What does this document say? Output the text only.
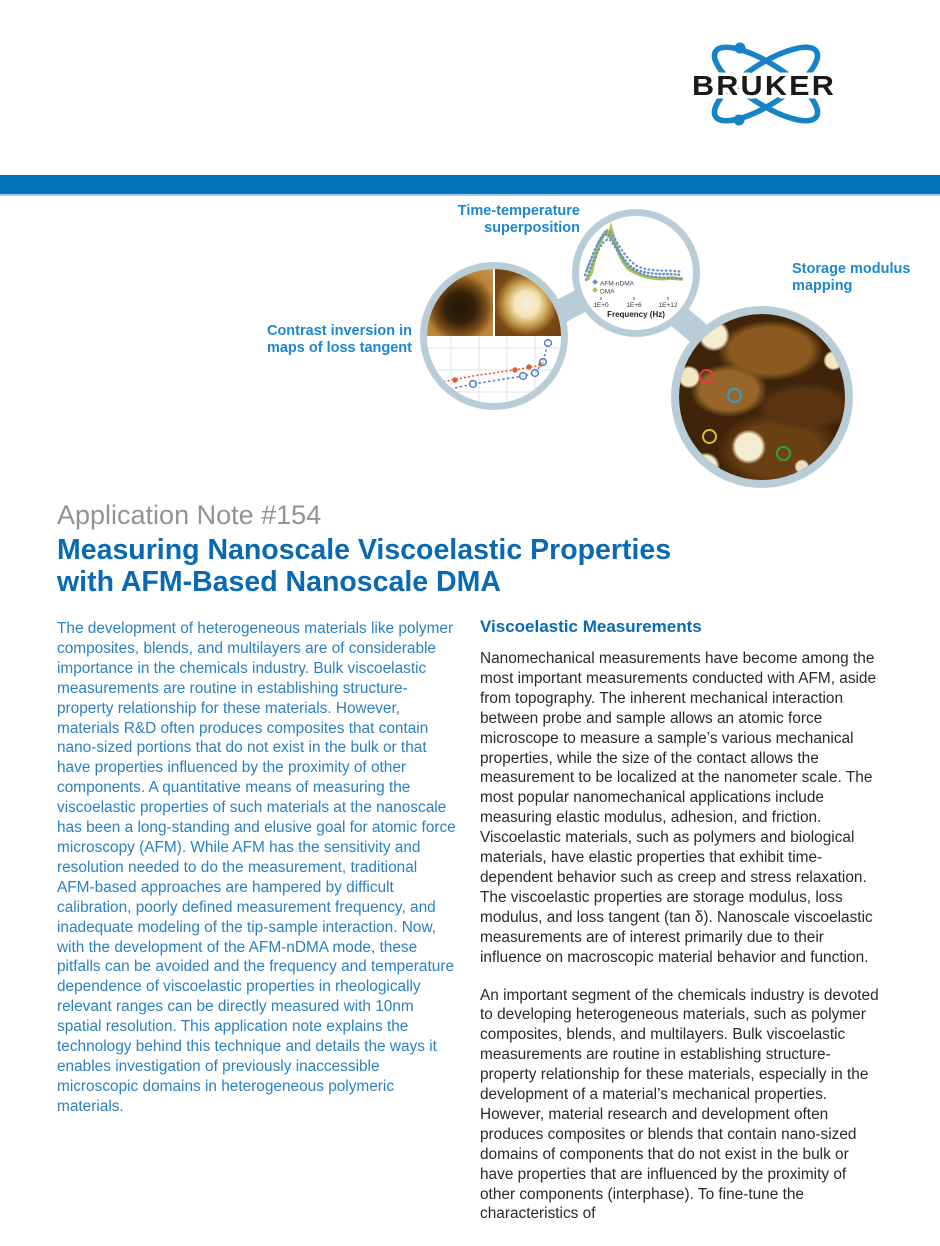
BRUKER
Time-temperature
superposition
Contrast inversion in
maps of loss tangent
Storage modulus
mapping
AFM-nDMA
DMA
1E+0	1E+6	1E+12
Frequency (Hz)
Application Note #154
Measuring Nanoscale Viscoelastic Properties
with AFM-Based Nanoscale DMA

The development of heterogeneous materials like polymer composites, blends, and multilayers are of considerable importance in the chemicals industry. Bulk viscoelastic measurements are routine in establishing structure-property relationship for these materials. However, materials R&D often produces composites that contain nano-sized portions that do not exist in the bulk or that have properties influenced by the proximity of other components. A quantitative means of measuring the viscoelastic properties of such materials at the nanoscale has been a long-standing and elusive goal for atomic force microscopy (AFM). While AFM has the sensitivity and resolution needed to do the measurement, traditional AFM-based approaches are hampered by difficult calibration, poorly defined measurement frequency, and inadequate modeling of the tip-sample interaction. Now, with the development of the AFM-nDMA mode, these pitfalls can be avoided and the frequency and temperature dependence of viscoelastic properties in rheologically relevant ranges can be directly measured with 10nm spatial resolution. This application note explains the technology behind this technique and details the ways it enables investigation of previously inaccessible microscopic domains in heterogeneous polymeric materials.

Viscoelastic Measurements

Nanomechanical measurements have become among the most important measurements conducted with AFM, aside from topography. The inherent mechanical interaction between probe and sample allows an atomic force microscope to measure a sample’s various mechanical properties, while the size of the contact allows the measurement to be localized at the nanometer scale. The most popular nanomechanical applications include measuring elastic modulus, adhesion, and friction. Viscoelastic materials, such as polymers and biological materials, have elastic properties that exhibit time-dependent behavior such as creep and stress relaxation. The viscoelastic properties are storage modulus, loss modulus, and loss tangent (tan δ). Nanoscale viscoelastic measurements are of interest primarily due to their influence on macroscopic material behavior and function.

An important segment of the chemicals industry is devoted to developing heterogeneous materials, such as polymer composites, blends, and multilayers. Bulk viscoelastic measurements are routine in establishing structure-property relationship for these materials, especially in the development of a material’s mechanical properties. However, material research and development often produces composites or blends that contain nano-sized domains of components that do not exist in the bulk or have properties that are influenced by the proximity of other components (interphase). To fine-tune the characteristics of
